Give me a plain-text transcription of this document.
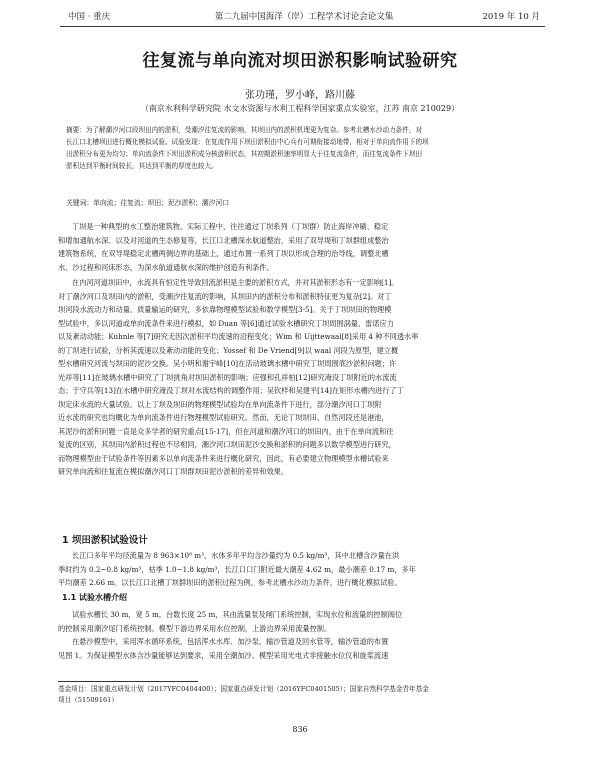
中国 · 重庆	第二九届中国海洋（岸）工程学术讨论会论文集	2019 年 10 月
往复流与单向流对坝田淤积影响试验研究
张功瑾，罗小峰，路川藤
（南京水利科学研究院 水文水资源与水利工程科学国家重点实验室，江苏 南京 210029）
摘要：为了解潮汐河口段坝田内的淤积，受潮汐往复流的影响，其坝田内的淤积机理更为复杂。参考北槽水沙动力条件，对
长江口北槽坝田进行概化模拟试验。试验发现：在复流作用下坝田淤积由中心兵有可期衔接动地带，相对于单向流作用下的坝
田淤积分布更为均匀；单向流条件下坝田淤积成分核游积状态，其初期淤积速率明显大于往复流条件，而往复流条件下坝田
淤积达到平衡时间较长，其达到平衡的厚度也较大。
关键词：单向流；往复流；坝田；泥沙淤积；潮汐河口
丁坝是一种典型的水工整治建筑物。实际工程中，往往通过丁坝系列（丁坝群）防止海岸冲刷、稳定
和增加通航水深、以及对河道的生态修复等，长江口北槽深水航道整治，采用了双导堤和丁坝群组成整治
建筑物系统，在双导堤稳定北槽两侧边界的基础上，通过布置一系列丁坝以形成合理的治导线，调整北槽
水、沙过程和河床形态，为深水航道通航水深的维护创造有利条件。
在内河河道坝田中，水流具有恒定性导致回流淤积是主要的淤积方式，并对其淤积形态有一定影响[1]。
对丁潮汐河口及坝田内的淤积，受潮汐往复流的影响，其坝田内的淤积分布和淤积特征更为复杂[2]。对丁
坝河段水流动力和动量、质量输运的研究，多依靠物理模型试验和数学模型[3-5]。关于丁坝坝田的物理模
型试验中，多以河道或单向流条件来进行模拟，如 Duan 等[6]通过试验水槽研究丁坝周围涡量、雷诺应力
以及紊动动能；Kuhnle 等[7]研究无因次淤积平均流速的沿程变化；Wim 和 Uijttewaal[8]采用 4 种不同透水率
的丁坝进行试验，分析其流速以及紊动动能的变化；Yossef 和 De Vriend[9]以 waal 河段为原型，建立概
型水槽研究河流与坝田的泥沙交换。吴小明和谢宇峰[10]在活动玻璃水槽中研究丁坝周围底沙淤积问题；许
光祥等[11]在玻璃水槽中研究了丁坝挑角对坝田淤积的影响；应强和孔祥柏[12]研究淹没丁坝附近的水流流
态；于守兵等[13]在水槽中研究淹没丁坝对水流结构的调整作用；吴钦样和吴建平[14]在矩形水槽内进行了丁
坝定床水流的大量试验。以上丁坝及坝田的物理模型试验均在单向流条件下进行，部分潮汐河口丁坝附
近水流的研究也均概化为单向流条件进行物理模型试验研究。然而，无论丁坝坝田、自然河段还是港池，
其泥沙的淤积问题一直是众多学者的研究重点[15-17]，但在河道和潮汐河口的坝田内，由于在单向流和往
复流的区别，其坝田内淤积过程也不尽相同，潮汐河口坝田泥沙交换和淤积的问题多以数学模型进行研究，
而物理模型由于试验条件等因素多以单向流条件来进行概化研究，因此，有必要建立物理模型水槽试验来
研究单向流和往复流在模拟潮汐河口丁坝群坝田泥沙淤积的差异和效果。
1 坝田淤积试验设计
长江口多年平均径流量为 8 963×10⁸ m³，水体多年平均含沙量约为 0.5 kg/m³，其中北槽含沙量在洪
季时约为 0.2~0.8 kg/m³，枯季 1.0~1.8 kg/m³，长江口口门附近最大潮差 4.62 m，最小潮差 0.17 m，多年
平均潮差 2.66 m。以长江口北槽丁坝群坝田的淤积过程为例，参考北槽水沙动力条件，进行概化模拟试验。
1.1 试验水槽介绍
试验水槽长 30 m，宽 5 m，台数长度 25 m，其由流量泵及闸门系统控制，实现水位和流量的控制阀位
的控制采用潮汐尾门系统控制。模型下游边界采用水位控制，上游边界采用流量控制。
在悬沙模型中，采用浑水循环系统，包括浑水水库、加沙泵、输沙管道及回水管等，输沙管道的布置
见图 1。为保证模型水体含沙量能够达到要求，采用全潮加沙。模型采用光电式非接触水位仪和旋桨流速
基金项目：国家重点研发计划（2017YFC0404400）；国家重点研发计划（2016YFC0401505）；国家自然科学基金青年基金
项目（51509161）
836
